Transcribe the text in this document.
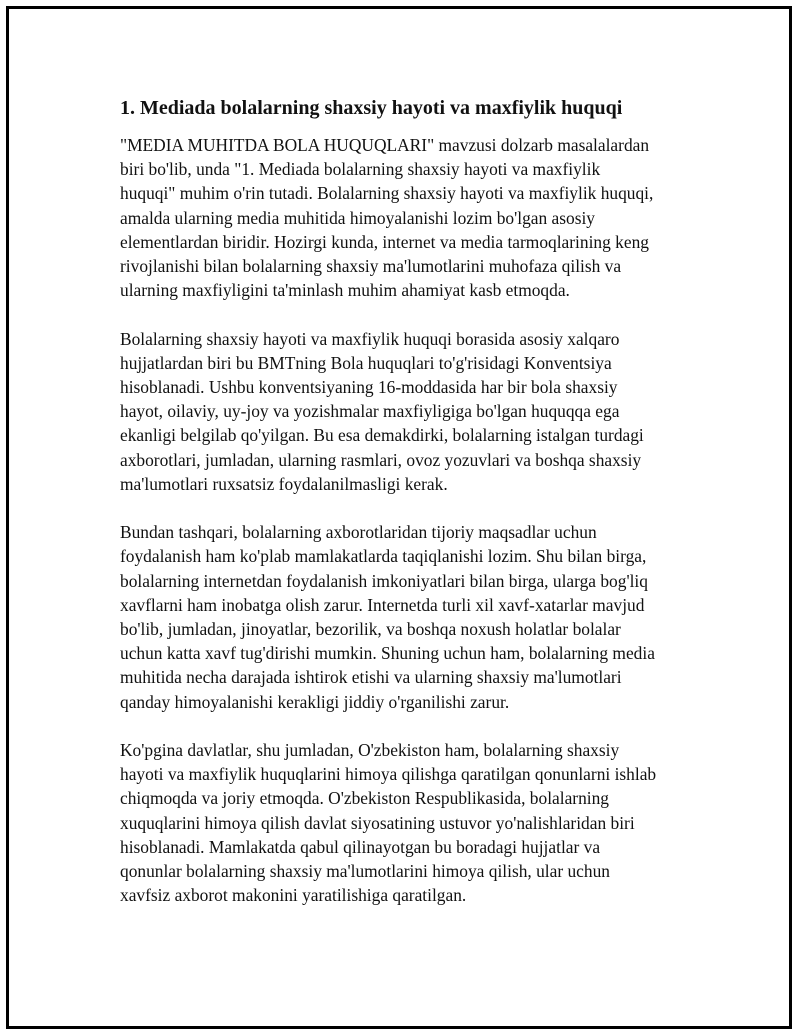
1. Mediada bolalarning shaxsiy hayoti va maxfiylik huquqi

"MEDIA MUHITDA BOLA HUQUQLARI" mavzusi dolzarb masalalardan
biri bo'lib, unda "1. Mediada bolalarning shaxsiy hayoti va maxfiylik
huquqi" muhim o'rin tutadi. Bolalarning shaxsiy hayoti va maxfiylik huquqi,
amalda ularning media muhitida himoyalanishi lozim bo'lgan asosiy
elementlardan biridir. Hozirgi kunda, internet va media tarmoqlarining keng
rivojlanishi bilan bolalarning shaxsiy ma'lumotlarini muhofaza qilish va
ularning maxfiyligini ta'minlash muhim ahamiyat kasb etmoqda.

Bolalarning shaxsiy hayoti va maxfiylik huquqi borasida asosiy xalqaro
hujjatlardan biri bu BMTning Bola huquqlari to'g'risidagi Konventsiya
hisoblanadi. Ushbu konventsiyaning 16-moddasida har bir bola shaxsiy
hayot, oilaviy, uy-joy va yozishmalar maxfiyligiga bo'lgan huquqqa ega
ekanligi belgilab qo'yilgan. Bu esa demakdirki, bolalarning istalgan turdagi
axborotlari, jumladan, ularning rasmlari, ovoz yozuvlari va boshqa shaxsiy
ma'lumotlari ruxsatsiz foydalanilmasligi kerak.

Bundan tashqari, bolalarning axborotlaridan tijoriy maqsadlar uchun
foydalanish ham ko'plab mamlakatlarda taqiqlanishi lozim. Shu bilan birga,
bolalarning internetdan foydalanish imkoniyatlari bilan birga, ularga bog'liq
xavflarni ham inobatga olish zarur. Internetda turli xil xavf-xatarlar mavjud
bo'lib, jumladan, jinoyatlar, bezorilik, va boshqa noxush holatlar bolalar
uchun katta xavf tug'dirishi mumkin. Shuning uchun ham, bolalarning media
muhitida necha darajada ishtirok etishi va ularning shaxsiy ma'lumotlari
qanday himoyalanishi kerakligi jiddiy o'rganilishi zarur.

Ko'pgina davlatlar, shu jumladan, O'zbekiston ham, bolalarning shaxsiy
hayoti va maxfiylik huquqlarini himoya qilishga qaratilgan qonunlarni ishlab
chiqmoqda va joriy etmoqda. O'zbekiston Respublikasida, bolalarning
xuquqlarini himoya qilish davlat siyosatining ustuvor yo'nalishlaridan biri
hisoblanadi. Mamlakatda qabul qilinayotgan bu boradagi hujjatlar va
qonunlar bolalarning shaxsiy ma'lumotlarini himoya qilish, ular uchun
xavfsiz axborot makonini yaratilishiga qaratilgan.
